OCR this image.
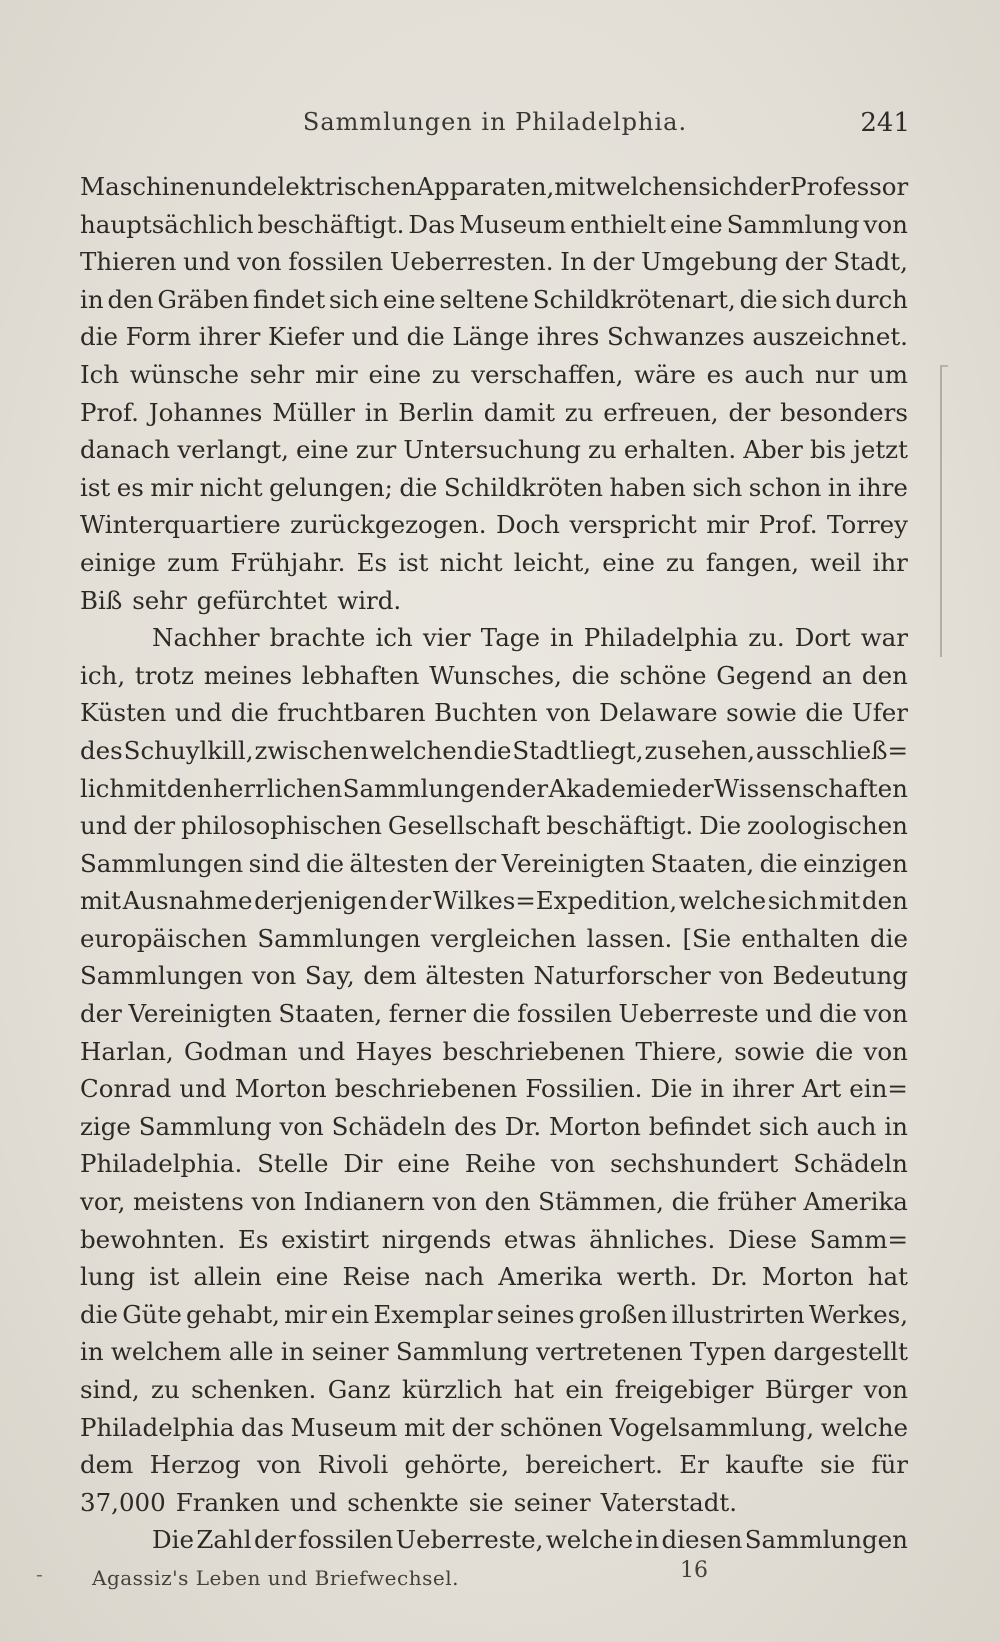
Sammlungen in Philadelphia.	241
Maschinen und elektrischen Apparaten, mit welchen sich der Professor
hauptsächlich beschäftigt. Das Museum enthielt eine Sammlung von
Thieren und von fossilen Ueberresten. In der Umgebung der Stadt,
in den Gräben findet sich eine seltene Schildkrötenart, die sich durch
die Form ihrer Kiefer und die Länge ihres Schwanzes auszeichnet.
Ich wünsche sehr mir eine zu verschaffen, wäre es auch nur um
Prof. Johannes Müller in Berlin damit zu erfreuen, der besonders
danach verlangt, eine zur Untersuchung zu erhalten. Aber bis jetzt
ist es mir nicht gelungen; die Schildkröten haben sich schon in ihre
Winterquartiere zurückgezogen. Doch verspricht mir Prof. Torrey
einige zum Frühjahr. Es ist nicht leicht, eine zu fangen, weil ihr
Biß sehr gefürchtet wird.
Nachher brachte ich vier Tage in Philadelphia zu. Dort war
ich, trotz meines lebhaften Wunsches, die schöne Gegend an den
Küsten und die fruchtbaren Buchten von Delaware sowie die Ufer
des Schuylkill, zwischen welchen die Stadt liegt, zu sehen, ausschließ=
lich mit den herrlichen Sammlungen der Akademie der Wissenschaften
und der philosophischen Gesellschaft beschäftigt. Die zoologischen
Sammlungen sind die ältesten der Vereinigten Staaten, die einzigen
mit Ausnahme derjenigen der Wilkes=Expedition, welche sich mit den
europäischen Sammlungen vergleichen lassen. [Sie enthalten die
Sammlungen von Say, dem ältesten Naturforscher von Bedeutung
der Vereinigten Staaten, ferner die fossilen Ueberreste und die von
Harlan, Godman und Hayes beschriebenen Thiere, sowie die von
Conrad und Morton beschriebenen Fossilien. Die in ihrer Art ein=
zige Sammlung von Schädeln des Dr. Morton befindet sich auch in
Philadelphia. Stelle Dir eine Reihe von sechshundert Schädeln
vor, meistens von Indianern von den Stämmen, die früher Amerika
bewohnten. Es existirt nirgends etwas ähnliches. Diese Samm=
lung ist allein eine Reise nach Amerika werth. Dr. Morton hat
die Güte gehabt, mir ein Exemplar seines großen illustrirten Werkes,
in welchem alle in seiner Sammlung vertretenen Typen dargestellt
sind, zu schenken. Ganz kürzlich hat ein freigebiger Bürger von
Philadelphia das Museum mit der schönen Vogelsammlung, welche
dem Herzog von Rivoli gehörte, bereichert. Er kaufte sie für
37,000 Franken und schenkte sie seiner Vaterstadt.
Die Zahl der fossilen Ueberreste, welche in diesen Sammlungen
- Agassiz's Leben und Briefwechsel.	16
